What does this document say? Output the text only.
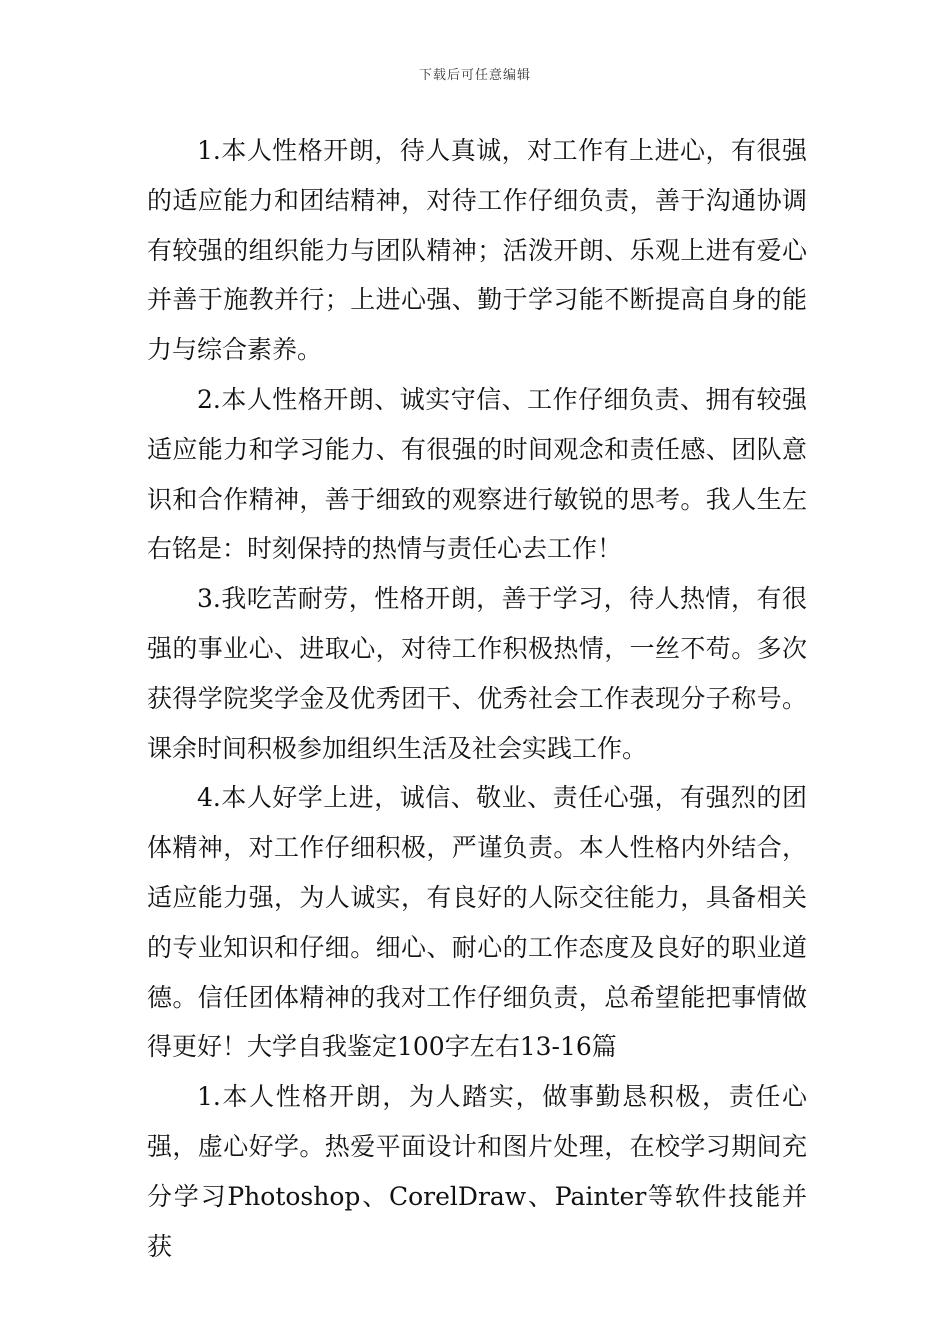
下载后可任意编辑

1.本人性格开朗，待人真诚，对工作有上进心，有很强的适应能力和团结精神，对待工作仔细负责，善于沟通协调有较强的组织能力与团队精神；活泼开朗、乐观上进有爱心并善于施教并行；上进心强、勤于学习能不断提高自身的能力与综合素养。

2.本人性格开朗、诚实守信、工作仔细负责、拥有较强适应能力和学习能力、有很强的时间观念和责任感、团队意识和合作精神，善于细致的观察进行敏锐的思考。我人生左右铭是：时刻保持的热情与责任心去工作！

3.我吃苦耐劳，性格开朗，善于学习，待人热情，有很强的事业心、进取心，对待工作积极热情，一丝不苟。多次获得学院奖学金及优秀团干、优秀社会工作表现分子称号。课余时间积极参加组织生活及社会实践工作。

4.本人好学上进，诚信、敬业、责任心强，有强烈的团体精神，对工作仔细积极，严谨负责。本人性格内外结合，适应能力强，为人诚实，有良好的人际交往能力，具备相关的专业知识和仔细。细心、耐心的工作态度及良好的职业道德。信任团体精神的我对工作仔细负责，总希望能把事情做得更好！大学自我鉴定100字左右13-16篇

1.本人性格开朗，为人踏实，做事勤恳积极，责任心强，虚心好学。热爱平面设计和图片处理，在校学习期间充分学习Photoshop、CorelDraw、Painter等软件技能并获
